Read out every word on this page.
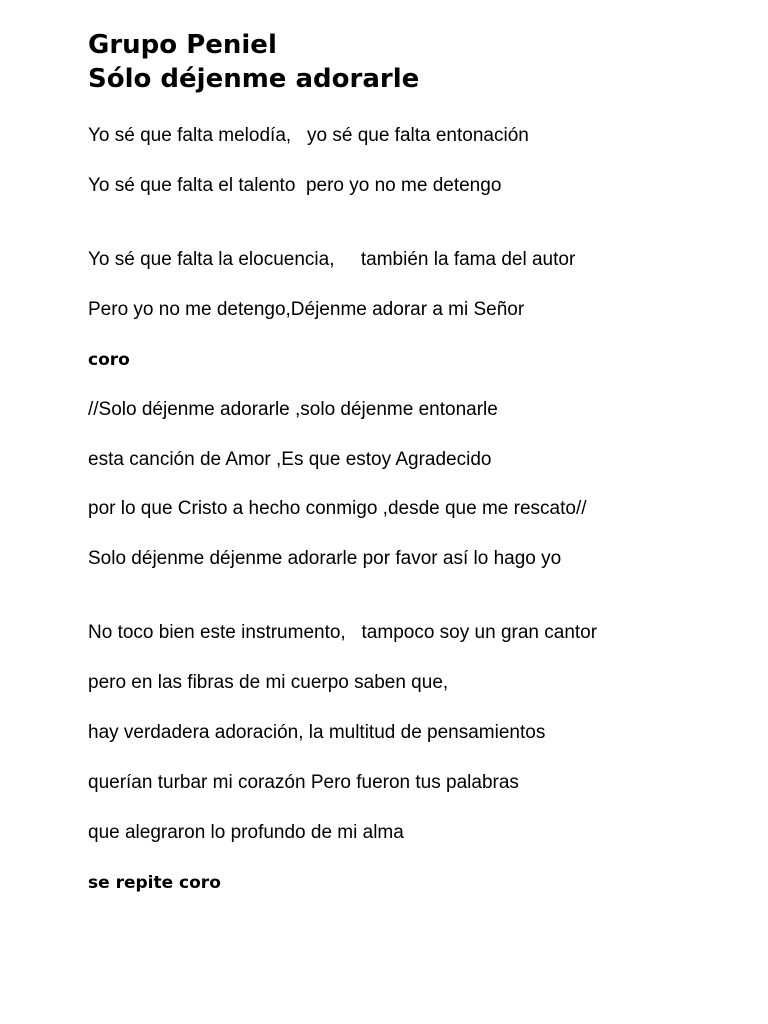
Grupo Peniel
Sólo déjenme adorarle
Yo sé que falta melodía,   yo sé que falta entonación
Yo sé que falta el talento  pero yo no me detengo
Yo sé que falta la elocuencia,     también la fama del autor
Pero yo no me detengo,Déjenme adorar a mi Señor
coro
//Solo déjenme adorarle ,solo déjenme entonarle
esta canción de Amor ,Es que estoy Agradecido
por lo que Cristo a hecho conmigo ,desde que me rescato//
Solo déjenme déjenme adorarle por favor así lo hago yo
No toco bien este instrumento,   tampoco soy un gran cantor
pero en las fibras de mi cuerpo saben que,
hay verdadera adoración, la multitud de pensamientos
querían turbar mi corazón Pero fueron tus palabras
que alegraron lo profundo de mi alma
se repite coro
